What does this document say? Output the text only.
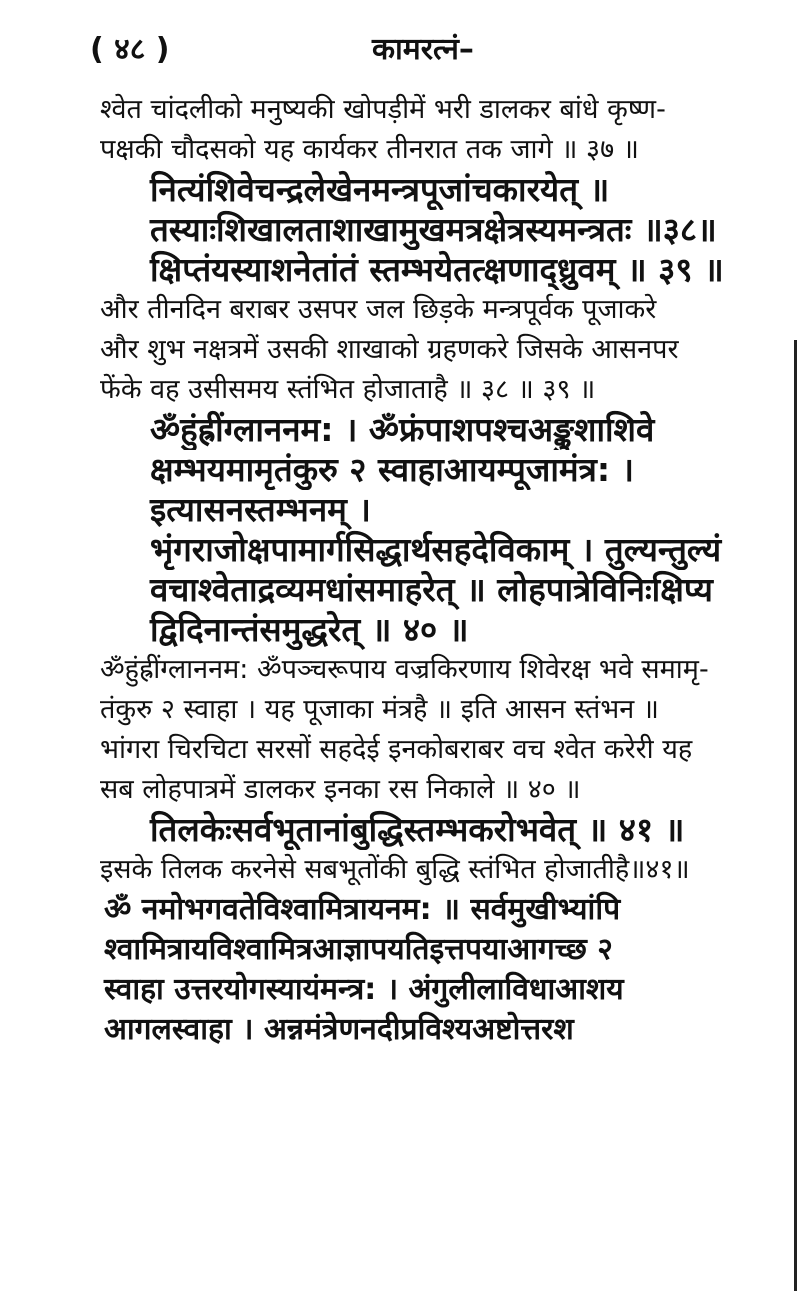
( ४८ )	कामरत्नं–
श्वेत चांदलीको मनुष्यकी खोपड़ीमें भरी डालकर बांधे कृष्ण-
पक्षकी चौदसको यह कार्यकर तीनरात तक जागे ॥ ३७ ॥
नित्यंशिवेचन्द्रलेखेनमन्त्रपूजांचकारयेत् ॥
तस्याःशिखालताशाखामुखमत्रक्षेत्रस्यमन्त्रतः ॥३८॥
क्षिप्तंयस्याशनेतांतं स्तम्भयेतत्क्षणाद्ध्रुवम् ॥ ३९ ॥
और तीनदिन बराबर उसपर जल छिड़के मन्त्रपूर्वक पूजाकरे
और शुभ नक्षत्रमें उसकी शाखाको ग्रहणकरे जिसके आसनपर
फेंके वह उसीसमय स्तंभित होजाताहै ॥ ३८ ॥ ३९ ॥
ॐहुंह्रींग्लाननम: । ॐफ्रंपाशपश्चअङ्कुशाशिवे
क्षम्भयमामृतंकुरु २ स्वाहाआयम्पूजामंत्र: ।
इत्यासनस्तम्भनम् ।
भृंगराजोक्षपामार्गसिद्धार्थसहदेविकाम् । तुल्यन्तुल्यं
वचाश्वेताद्रव्यमधांसमाहरेत् ॥ लोहपात्रेविनिःक्षिप्य
द्विदिनान्तंसमुद्धरेत् ॥ ४० ॥
ॐहुंह्रींग्लाननम: ॐपञ्चरूपाय वज्रकिरणाय शिवेरक्ष भवे समामृ-
तंकुरु २ स्वाहा । यह पूजाका मंत्रहै ॥ इति आसन स्तंभन ॥
भांगरा चिरचिटा सरसों सहदेई इनकोबराबर वच श्वेत करेरी यह
सब लोहपात्रमें डालकर इनका रस निकाले ॥ ४० ॥
तिलकेःसर्वभूतानांबुद्धिस्तम्भकरोभवेत् ॥ ४१ ॥
इसके तिलक करनेसे सबभूतोंकी बुद्धि स्तंभित होजातीहै॥४१॥
ॐ नमोभगवतेविश्वामित्रायनम: ॥ सर्वमुखीभ्यांपि
श्वामित्रायविश्वामित्रआज्ञापयतिइत्तपयाआगच्छ २
स्वाहा उत्तरयोगस्यायंमन्त्र: । अंगुलीलाविधाआशय
आगलस्वाहा । अन्नमंत्रेणनदीप्रविश्यअष्टोत्तरश
